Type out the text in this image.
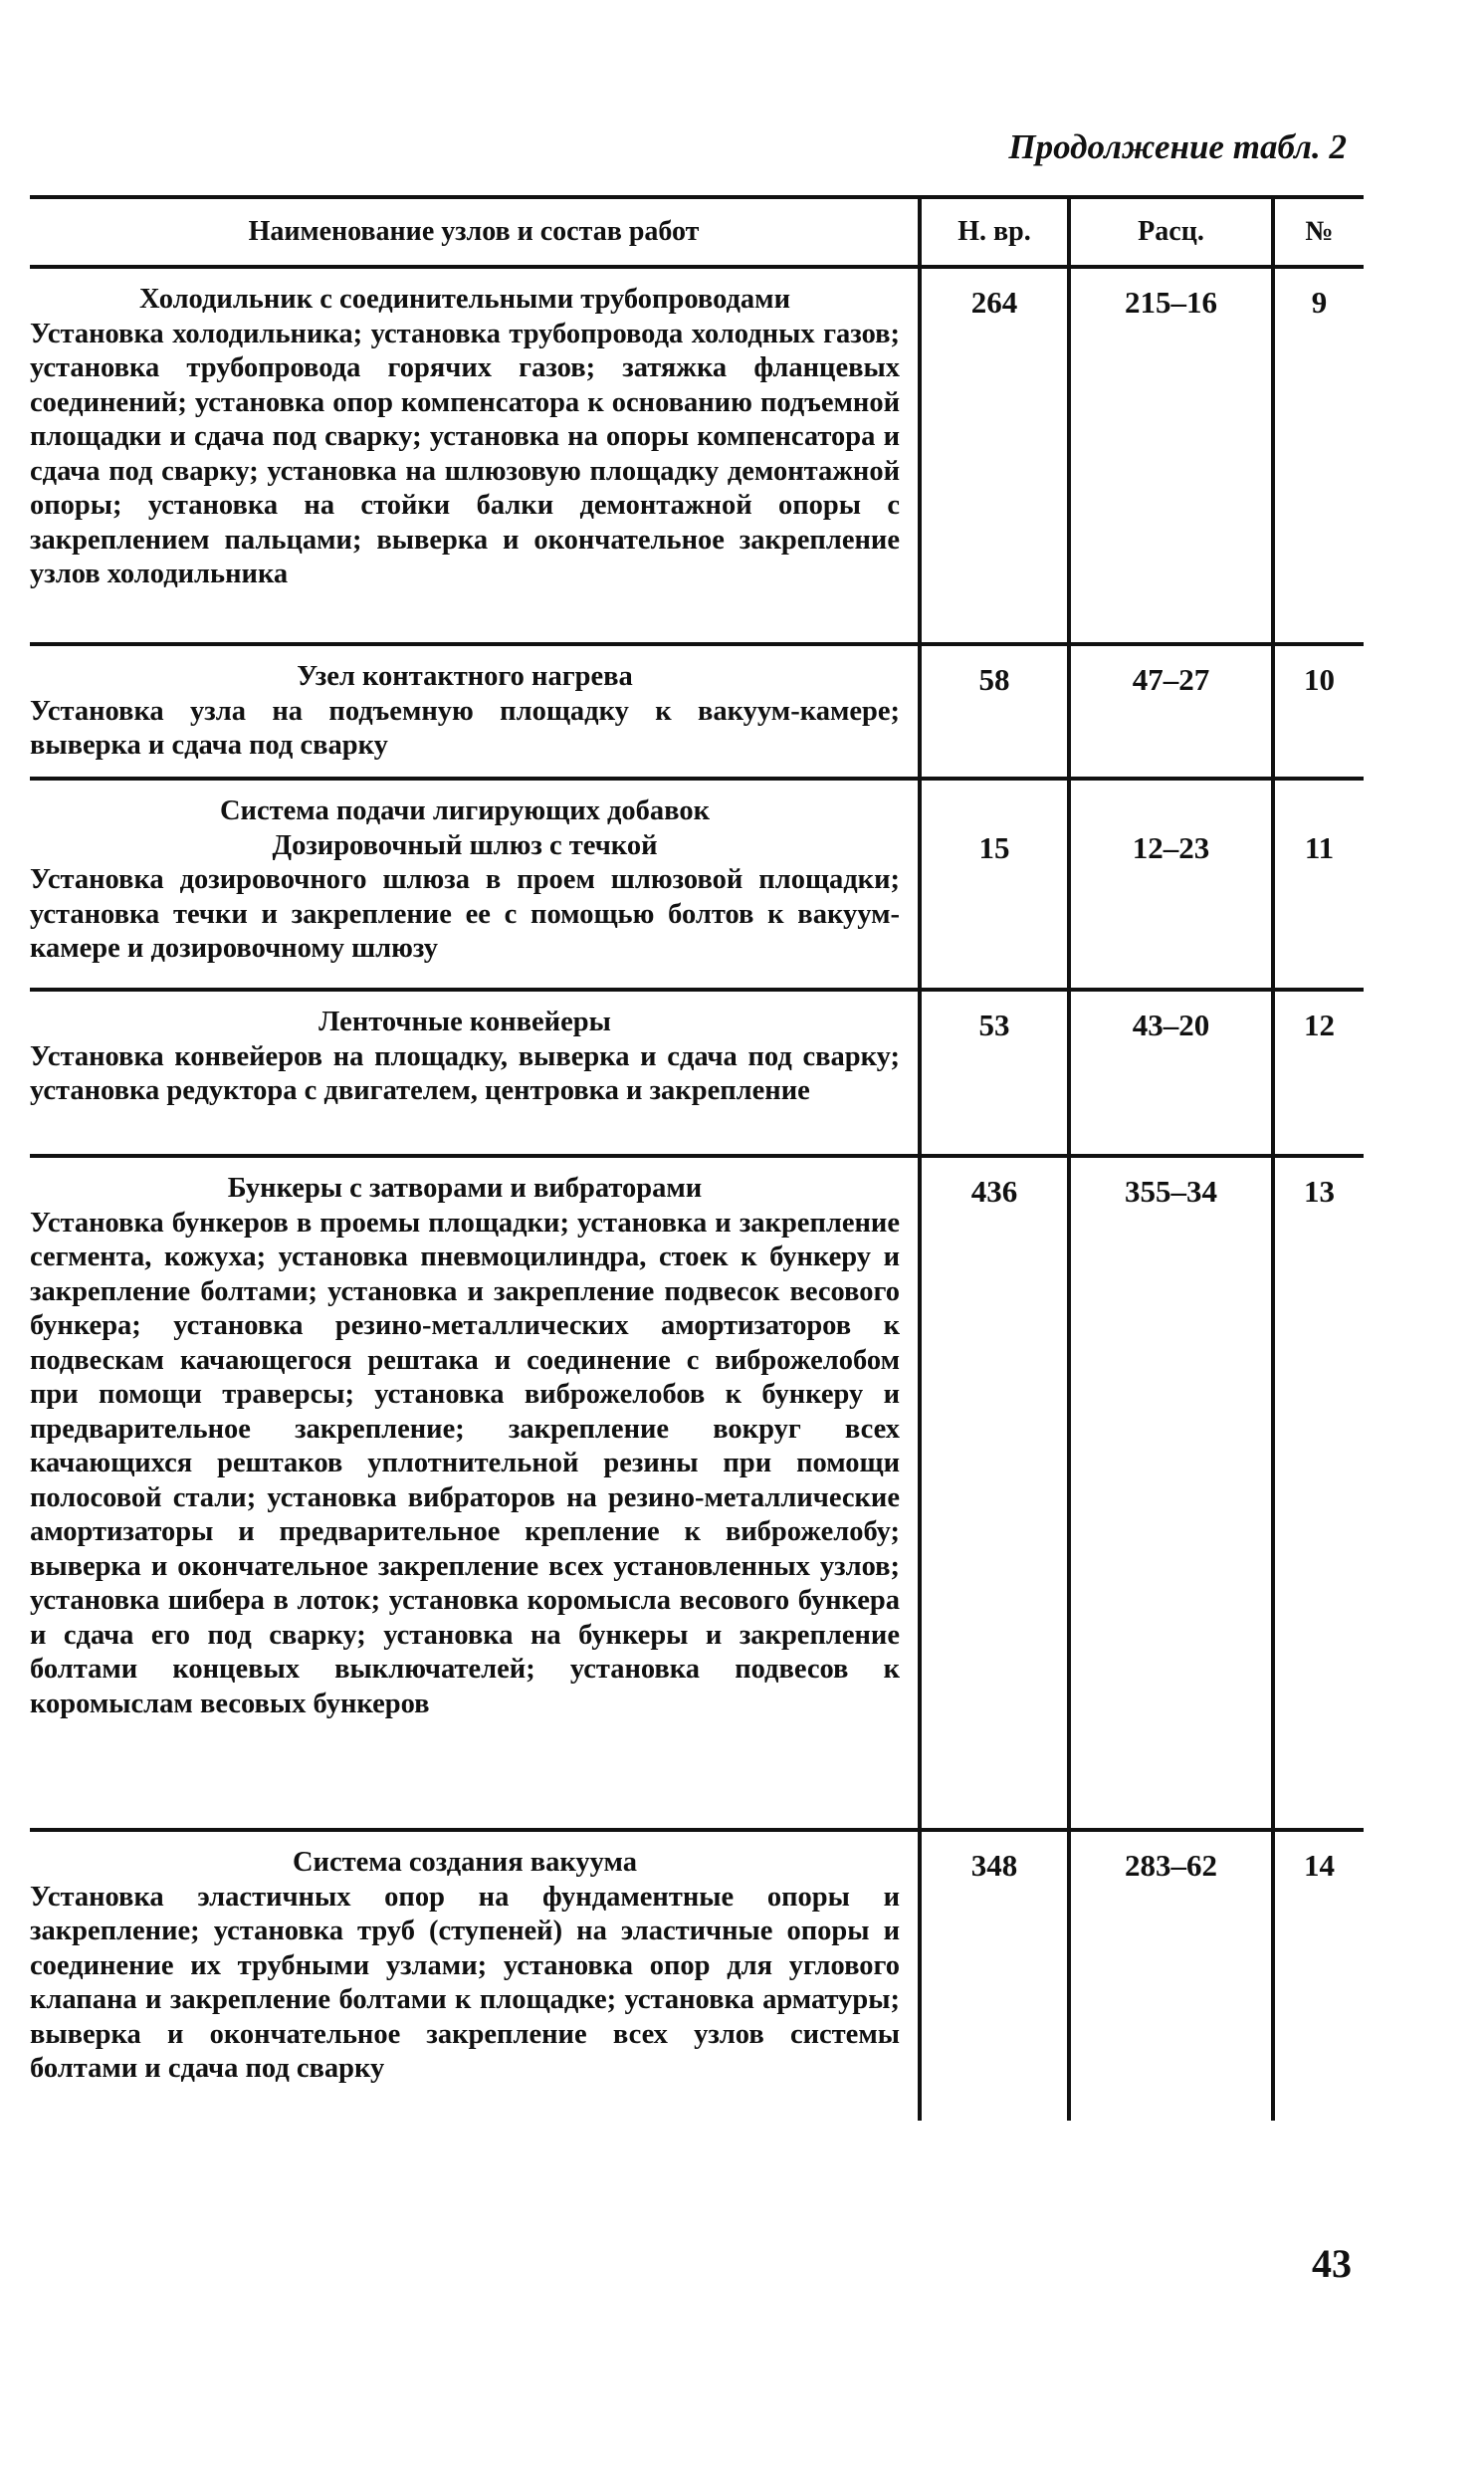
Продолжение табл. 2
Наименование узлов и состав работ	Н. вр.	Расц.	№
Холодильник с соединительными трубопроводами
Установка холодильника; установка трубопровода холодных газов; установка трубопровода горячих газов; затяжка фланцевых соединений; установка опор компенсатора к основанию подъемной площадки и сдача под сварку; установка на опоры компенсатора и сдача под сварку; установка на шлюзовую площадку демонтажной опоры; установка на стойки балки демонтажной опоры с закреплением пальцами; выверка и окончательное закрепление узлов холодильника
264	215–16	9
Узел контактного нагрева
Установка узла на подъемную площадку к вакуум-камере; выверка и сдача под сварку
58	47–27	10
Система подачи лигирующих добавок
Дозировочный шлюз с течкой
Установка дозировочного шлюза в проем шлюзовой площадки; установка течки и закрепление ее с помощью болтов к вакуум-камере и дозировочному шлюзу
15	12–23	11
Ленточные конвейеры
Установка конвейеров на площадку, выверка и сдача под сварку; установка редуктора с двигателем, центровка и закрепление
53	43–20	12
Бункеры с затворами и вибраторами
Установка бункеров в проемы площадки; установка и закрепление сегмента, кожуха; установка пневмоцилиндра, стоек к бункеру и закрепление болтами; установка и закрепление подвесок весового бункера; установка резино-металлических амортизаторов к подвескам качающегося рештака и соединение с виброжелобом при помощи траверсы; установка виброжелобов к бункеру и предварительное закрепление; закрепление вокруг всех качающихся рештаков уплотнительной резины при помощи полосовой стали; установка вибраторов на резино-металлические амортизаторы и предварительное крепление к виброжелобу; выверка и окончательное закрепление всех установленных узлов; установка шибера в лоток; установка коромысла весового бункера и сдача его под сварку; установка на бункеры и закрепление болтами концевых выключателей; установка подвесов к коромыслам весовых бункеров
436	355–34	13
Система создания вакуума
Установка эластичных опор на фундаментные опоры и закрепление; установка труб (ступеней) на эластичные опоры и соединение их трубными узлами; установка опор для углового клапана и закрепление болтами к площадке; установка арматуры; выверка и окончательное закрепление всех узлов системы болтами и сдача под сварку
348	283–62	14
43
